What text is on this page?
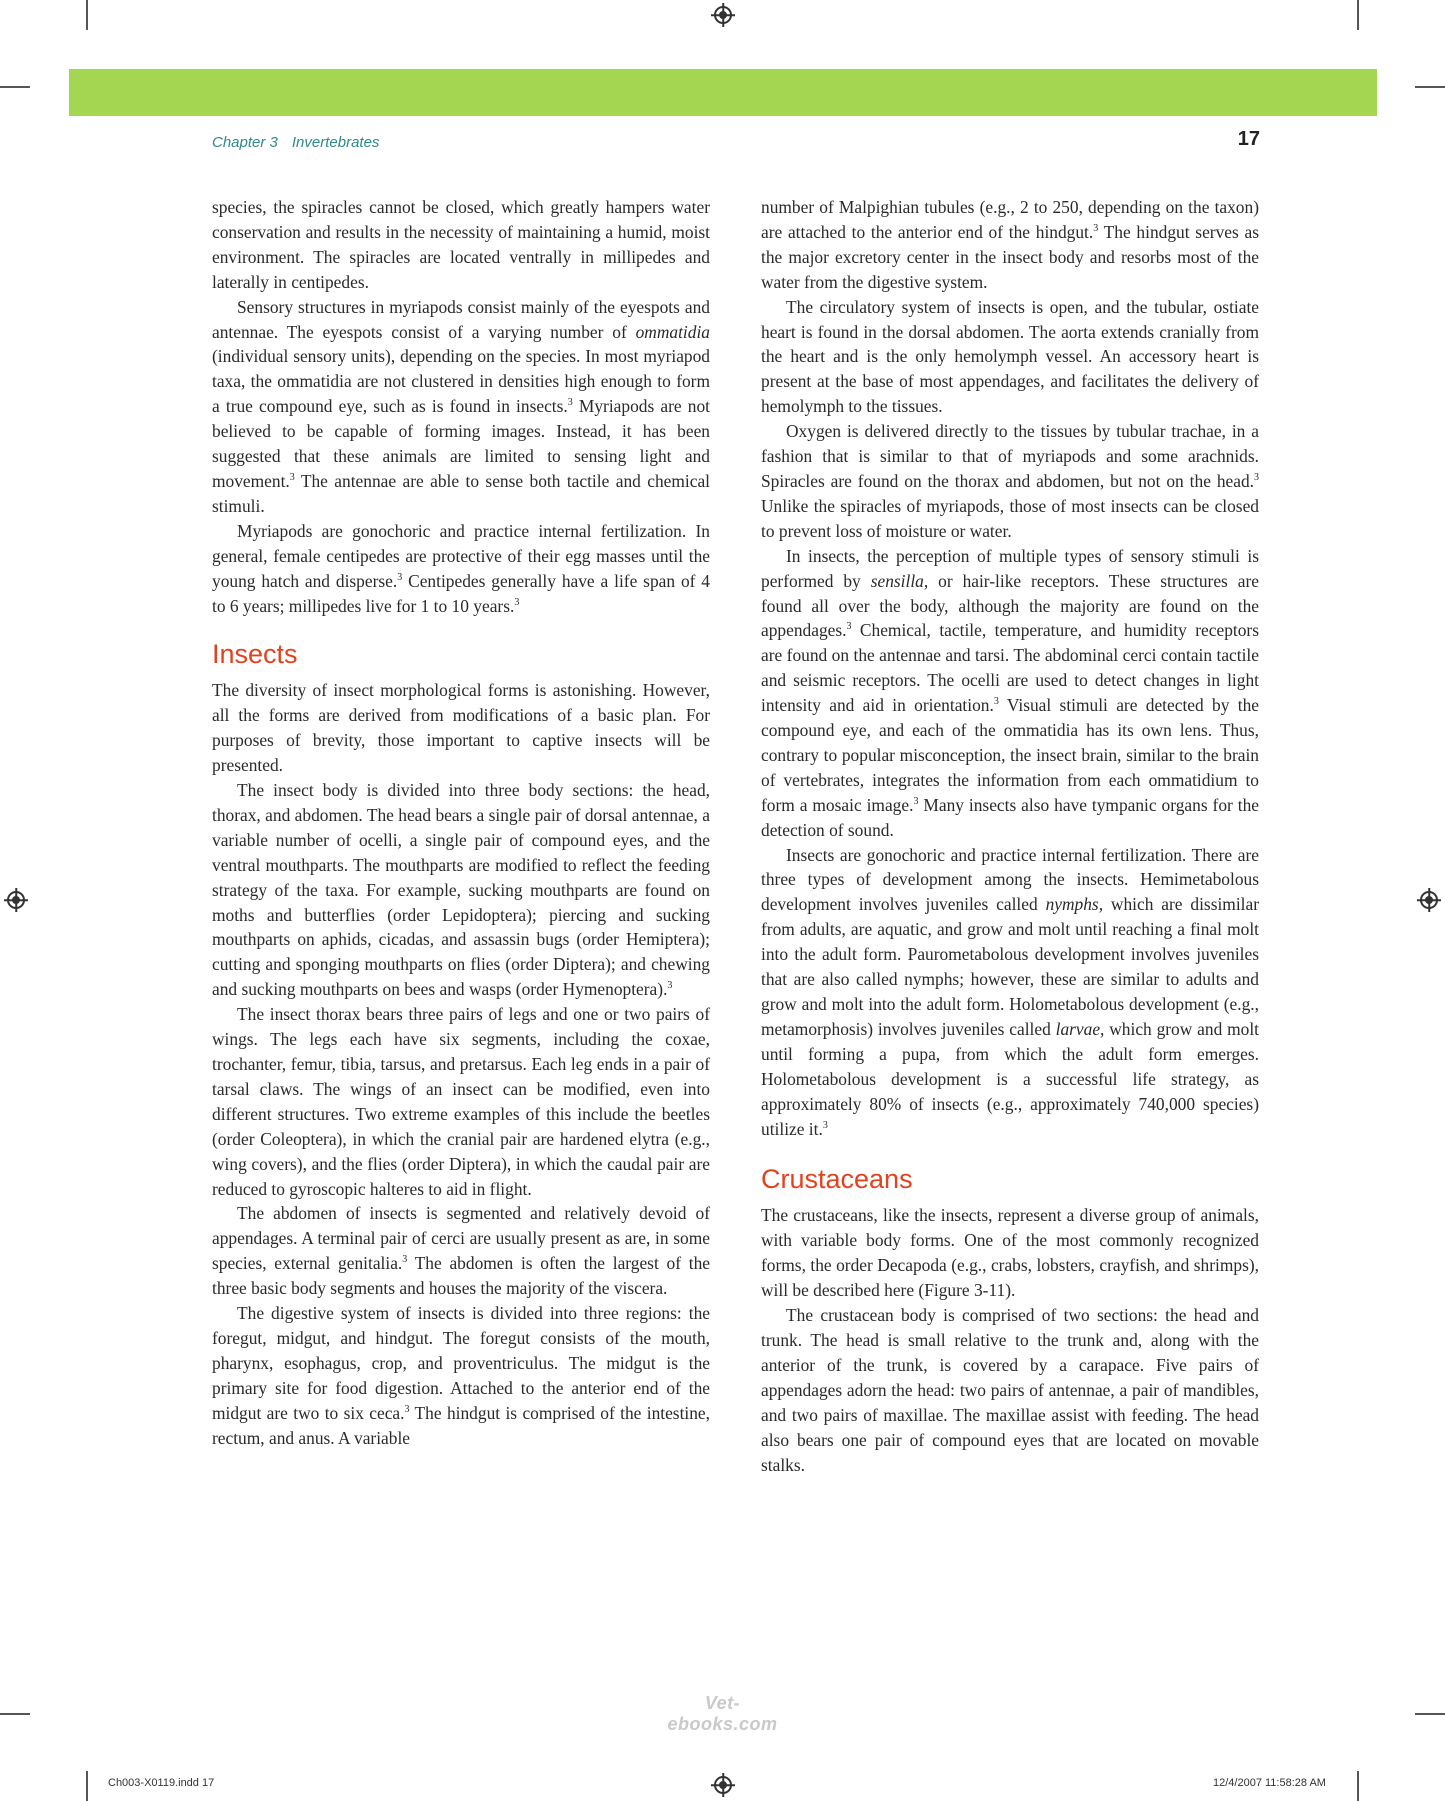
Chapter 3 Invertebrates	17

species, the spiracles cannot be closed, which greatly hampers water conservation and results in the necessity of maintaining a humid, moist environment. The spiracles are located ventrally in millipedes and laterally in centipedes.

Sensory structures in myriapods consist mainly of the eyespots and antennae. The eyespots consist of a varying number of ommatidia (individual sensory units), depending on the species. In most myriapod taxa, the ommatidia are not clustered in densities high enough to form a true compound eye, such as is found in insects.$^3$ Myriapods are not believed to be capable of forming images. Instead, it has been suggested that these animals are limited to sensing light and movement.$^3$ The antennae are able to sense both tactile and chemical stimuli.

Myriapods are gonochoric and practice internal fertilization. In general, female centipedes are protective of their egg masses until the young hatch and disperse.$^3$ Centipedes generally have a life span of 4 to 6 years; millipedes live for 1 to 10 years.$^3$

Insects

The diversity of insect morphological forms is astonishing. However, all the forms are derived from modifications of a basic plan. For purposes of brevity, those important to captive insects will be presented.

The insect body is divided into three body sections: the head, thorax, and abdomen. The head bears a single pair of dorsal antennae, a variable number of ocelli, a single pair of compound eyes, and the ventral mouthparts. The mouthparts are modified to reflect the feeding strategy of the taxa. For example, sucking mouthparts are found on moths and butterflies (order Lepidoptera); piercing and sucking mouthparts on aphids, cicadas, and assassin bugs (order Hemiptera); cutting and sponging mouthparts on flies (order Diptera); and chewing and sucking mouthparts on bees and wasps (order Hymenoptera).$^3$

The insect thorax bears three pairs of legs and one or two pairs of wings. The legs each have six segments, including the coxae, trochanter, femur, tibia, tarsus, and pretarsus. Each leg ends in a pair of tarsal claws. The wings of an insect can be modified, even into different structures. Two extreme examples of this include the beetles (order Coleoptera), in which the cranial pair are hardened elytra (e.g., wing covers), and the flies (order Diptera), in which the caudal pair are reduced to gyroscopic halteres to aid in flight.

The abdomen of insects is segmented and relatively devoid of appendages. A terminal pair of cerci are usually present as are, in some species, external genitalia.$^3$ The abdomen is often the largest of the three basic body segments and houses the majority of the viscera.

The digestive system of insects is divided into three regions: the foregut, midgut, and hindgut. The foregut consists of the mouth, pharynx, esophagus, crop, and proventriculus. The midgut is the primary site for food digestion. Attached to the anterior end of the midgut are two to six ceca.$^3$ The hindgut is comprised of the intestine, rectum, and anus. A variable

number of Malpighian tubules (e.g., 2 to 250, depending on the taxon) are attached to the anterior end of the hindgut.$^3$ The hindgut serves as the major excretory center in the insect body and resorbs most of the water from the digestive system.

The circulatory system of insects is open, and the tubular, ostiate heart is found in the dorsal abdomen. The aorta extends cranially from the heart and is the only hemolymph vessel. An accessory heart is present at the base of most appendages, and facilitates the delivery of hemolymph to the tissues.

Oxygen is delivered directly to the tissues by tubular trachae, in a fashion that is similar to that of myriapods and some arachnids. Spiracles are found on the thorax and abdomen, but not on the head.$^3$ Unlike the spiracles of myriapods, those of most insects can be closed to prevent loss of moisture or water.

In insects, the perception of multiple types of sensory stimuli is performed by sensilla, or hair-like receptors. These structures are found all over the body, although the majority are found on the appendages.$^3$ Chemical, tactile, temperature, and humidity receptors are found on the antennae and tarsi. The abdominal cerci contain tactile and seismic receptors. The ocelli are used to detect changes in light intensity and aid in orientation.$^3$ Visual stimuli are detected by the compound eye, and each of the ommatidia has its own lens. Thus, contrary to popular misconception, the insect brain, similar to the brain of vertebrates, integrates the information from each ommatidium to form a mosaic image.$^3$ Many insects also have tympanic organs for the detection of sound.

Insects are gonochoric and practice internal fertilization. There are three types of development among the insects. Hemimetabolous development involves juveniles called nymphs, which are dissimilar from adults, are aquatic, and grow and molt until reaching a final molt into the adult form. Paurometabolous development involves juveniles that are also called nymphs; however, these are similar to adults and grow and molt into the adult form. Holometabolous development (e.g., metamorphosis) involves juveniles called larvae, which grow and molt until forming a pupa, from which the adult form emerges. Holometabolous development is a successful life strategy, as approximately 80% of insects (e.g., approximately 740,000 species) utilize it.$^3$

Crustaceans

The crustaceans, like the insects, represent a diverse group of animals, with variable body forms. One of the most commonly recognized forms, the order Decapoda (e.g., crabs, lobsters, crayfish, and shrimps), will be described here (Figure 3-11).

The crustacean body is comprised of two sections: the head and trunk. The head is small relative to the trunk and, along with the anterior of the trunk, is covered by a carapace. Five pairs of appendages adorn the head: two pairs of antennae, a pair of mandibles, and two pairs of maxillae. The maxillae assist with feeding. The head also bears one pair of compound eyes that are located on movable stalks.

Vet-ebooks.com
Ch003-X0119.indd 17	12/4/2007 11:58:28 AM
